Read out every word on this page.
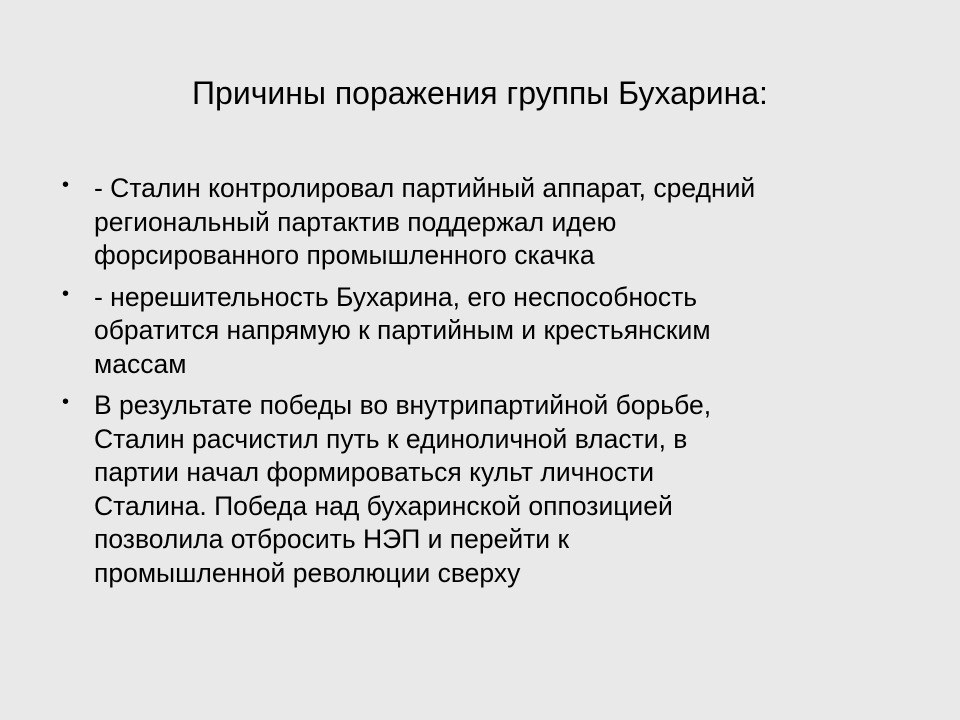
Причины поражения группы Бухарина:
• - Сталин контролировал партийный аппарат, средний
региональный партактив поддержал идею
форсированного промышленного скачка
• - нерешительность Бухарина, его неспособность
обратится напрямую к партийным и крестьянским
массам
• В результате победы во внутрипартийной борьбе,
Сталин расчистил путь к единоличной власти, в
партии начал формироваться культ личности
Сталина. Победа над бухаринской оппозицией
позволила отбросить НЭП и перейти к
промышленной революции сверху
